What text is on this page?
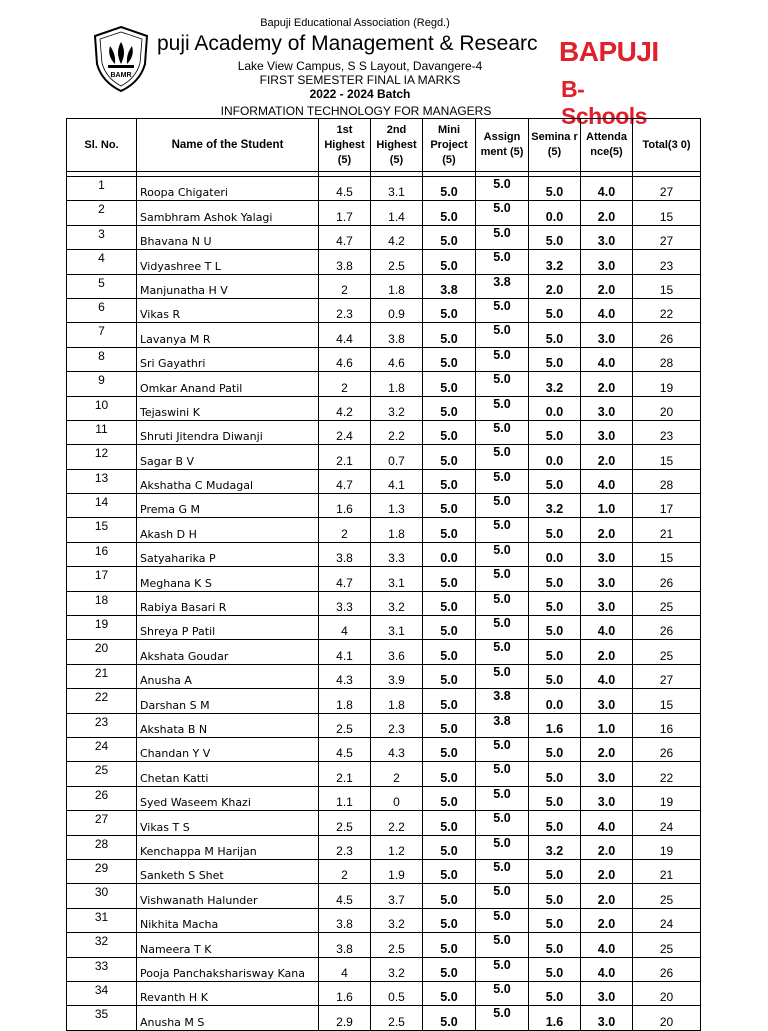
Bapuji Educational Association (Regd.)
BAMR
puji Academy of Management & Researc
Lake View Campus, S S Layout, Davangere-4
FIRST SEMESTER FINAL IA MARKS
2022 - 2024 Batch
INFORMATION TECHNOLOGY FOR MANAGERS
BAPUJI
B-Schools
Sl. No.	Name of the Student	1st Highest (5)	2nd Highest (5)	Mini Project (5)	Assign ment (5)	Semina r (5)	Attenda nce(5)	Total(3 0)

1	Roopa Chigateri	4.5	3.1	5.0	5.0	5.0	4.0	27
2	Sambhram Ashok Yalagi	1.7	1.4	5.0	5.0	0.0	2.0	15
3	Bhavana N U	4.7	4.2	5.0	5.0	5.0	3.0	27
4	Vidyashree T L	3.8	2.5	5.0	5.0	3.2	3.0	23
5	Manjunatha H V	2	1.8	3.8	3.8	2.0	2.0	15
6	Vikas R	2.3	0.9	5.0	5.0	5.0	4.0	22
7	Lavanya M R	4.4	3.8	5.0	5.0	5.0	3.0	26
8	Sri Gayathri	4.6	4.6	5.0	5.0	5.0	4.0	28
9	Omkar Anand Patil	2	1.8	5.0	5.0	3.2	2.0	19
10	Tejaswini K	4.2	3.2	5.0	5.0	0.0	3.0	20
11	Shruti Jitendra Diwanji	2.4	2.2	5.0	5.0	5.0	3.0	23
12	Sagar B V	2.1	0.7	5.0	5.0	0.0	2.0	15
13	Akshatha C Mudagal	4.7	4.1	5.0	5.0	5.0	4.0	28
14	Prema G M	1.6	1.3	5.0	5.0	3.2	1.0	17
15	Akash D H	2	1.8	5.0	5.0	5.0	2.0	21
16	Satyaharika P	3.8	3.3	0.0	5.0	0.0	3.0	15
17	Meghana K S	4.7	3.1	5.0	5.0	5.0	3.0	26
18	Rabiya Basari R	3.3	3.2	5.0	5.0	5.0	3.0	25
19	Shreya P Patil	4	3.1	5.0	5.0	5.0	4.0	26
20	Akshata Goudar	4.1	3.6	5.0	5.0	5.0	2.0	25
21	Anusha A	4.3	3.9	5.0	5.0	5.0	4.0	27
22	Darshan S M	1.8	1.8	5.0	3.8	0.0	3.0	15
23	Akshata B N	2.5	2.3	5.0	3.8	1.6	1.0	16
24	Chandan Y V	4.5	4.3	5.0	5.0	5.0	2.0	26
25	Chetan Katti	2.1	2	5.0	5.0	5.0	3.0	22
26	Syed Waseem Khazi	1.1	0	5.0	5.0	5.0	3.0	19
27	Vikas T S	2.5	2.2	5.0	5.0	5.0	4.0	24
28	Kenchappa M Harijan	2.3	1.2	5.0	5.0	3.2	2.0	19
29	Sanketh S Shet	2	1.9	5.0	5.0	5.0	2.0	21
30	Vishwanath Halunder	4.5	3.7	5.0	5.0	5.0	2.0	25
31	Nikhita Macha	3.8	3.2	5.0	5.0	5.0	2.0	24
32	Nameera T K	3.8	2.5	5.0	5.0	5.0	4.0	25
33	Pooja Panchaksharisway Kana	4	3.2	5.0	5.0	5.0	4.0	26
34	Revanth H K	1.6	0.5	5.0	5.0	5.0	3.0	20
35	Anusha M S	2.9	2.5	5.0	5.0	1.6	3.0	20
